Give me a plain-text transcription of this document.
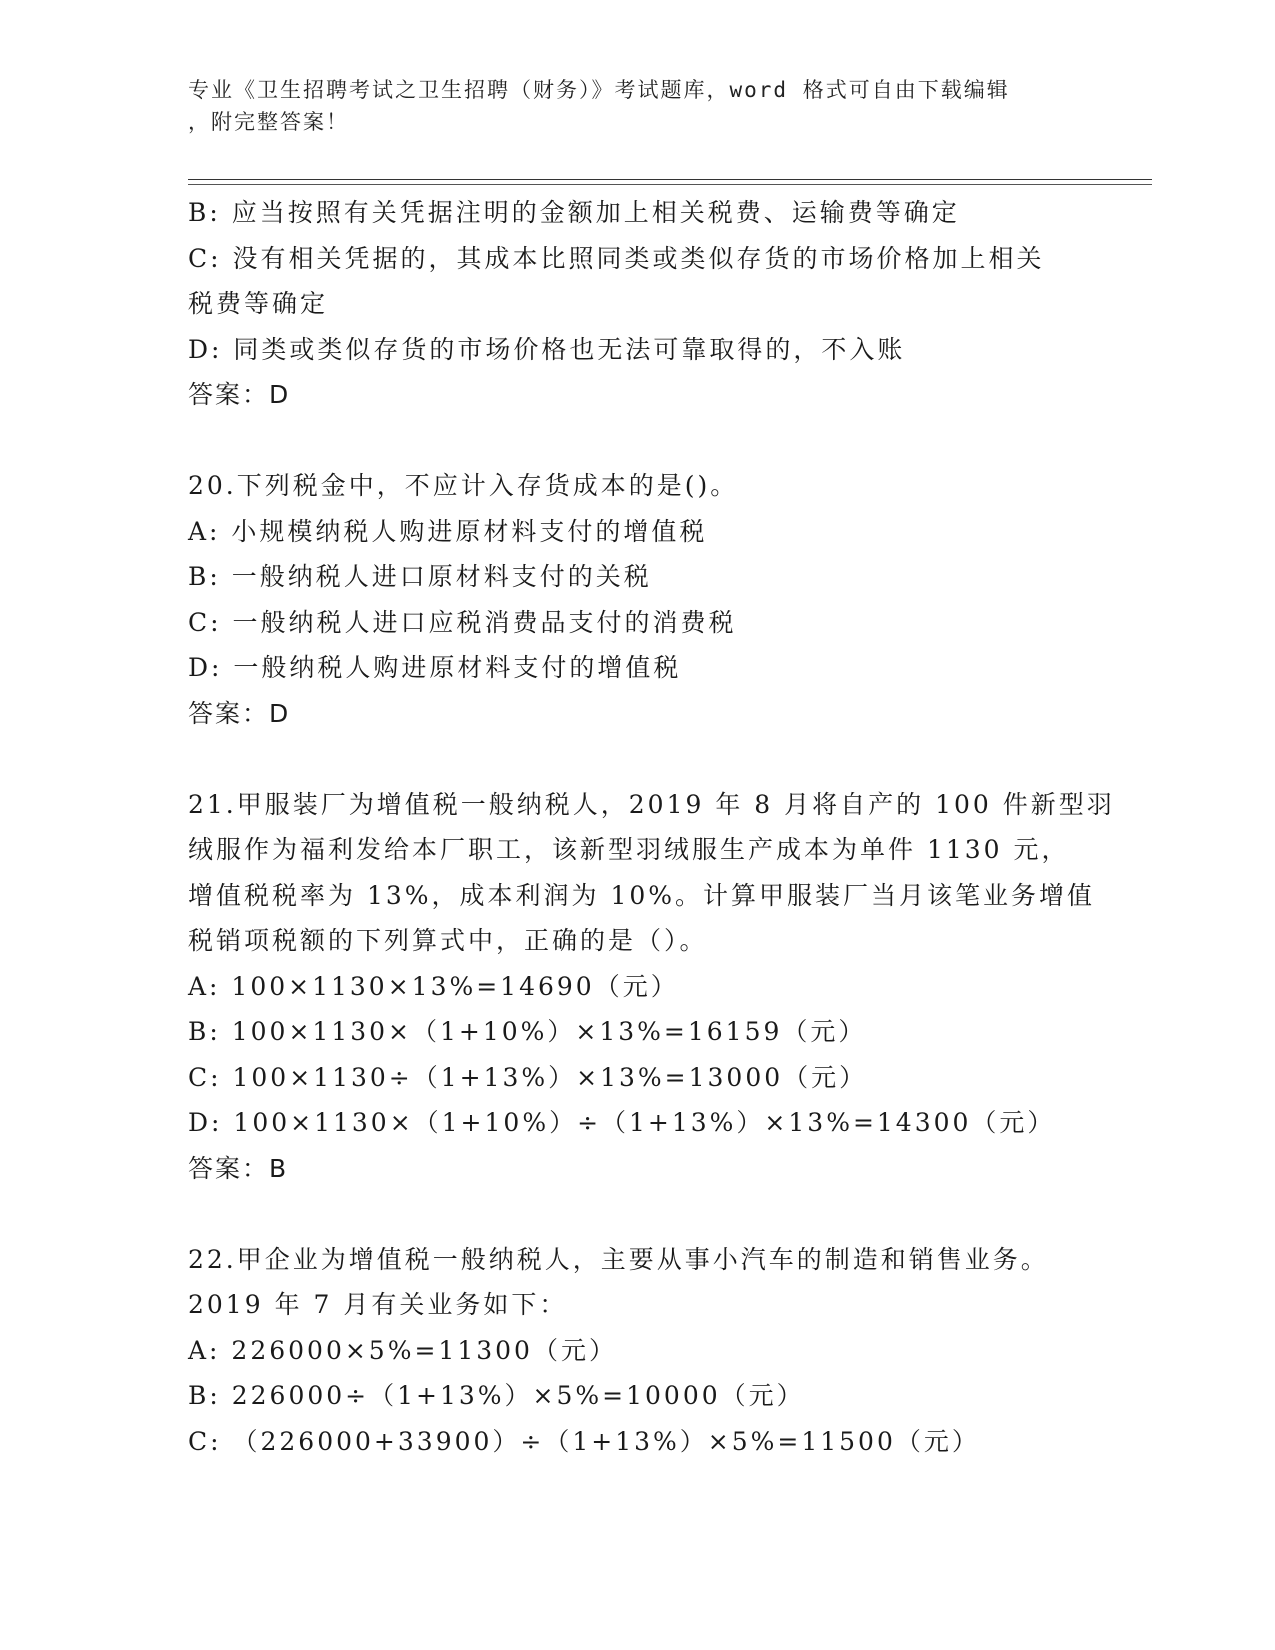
专业《卫生招聘考试之卫生招聘（财务）》考试题库，word 格式可自由下载编辑
，附完整答案！
B: 应当按照有关凭据注明的金额加上相关税费、运输费等确定
C: 没有相关凭据的，其成本比照同类或类似存货的市场价格加上相关
税费等确定
D: 同类或类似存货的市场价格也无法可靠取得的，不入账
答案：D
20.下列税金中，不应计入存货成本的是()。
A: 小规模纳税人购进原材料支付的增值税
B: 一般纳税人进口原材料支付的关税
C: 一般纳税人进口应税消费品支付的消费税
D: 一般纳税人购进原材料支付的增值税
答案：D
21.甲服装厂为增值税一般纳税人，2019 年 8 月将自产的 100 件新型羽
绒服作为福利发给本厂职工，该新型羽绒服生产成本为单件 1130 元，
增值税税率为 13%，成本利润为 10%。计算甲服装厂当月该笔业务增值
税销项税额的下列算式中，正确的是（）。
A: 100×1130×13%=14690（元）
B: 100×1130×（1+10%）×13%=16159（元）
C: 100×1130÷（1+13%）×13%=13000（元）
D: 100×1130×（1+10%）÷（1+13%）×13%=14300（元）
答案：B
22.甲企业为增值税一般纳税人，主要从事小汽车的制造和销售业务。
2019 年 7 月有关业务如下：
A: 226000×5%=11300（元）
B: 226000÷（1+13%）×5%=10000（元）
C: （226000+33900）÷（1+13%）×5%=11500（元）
